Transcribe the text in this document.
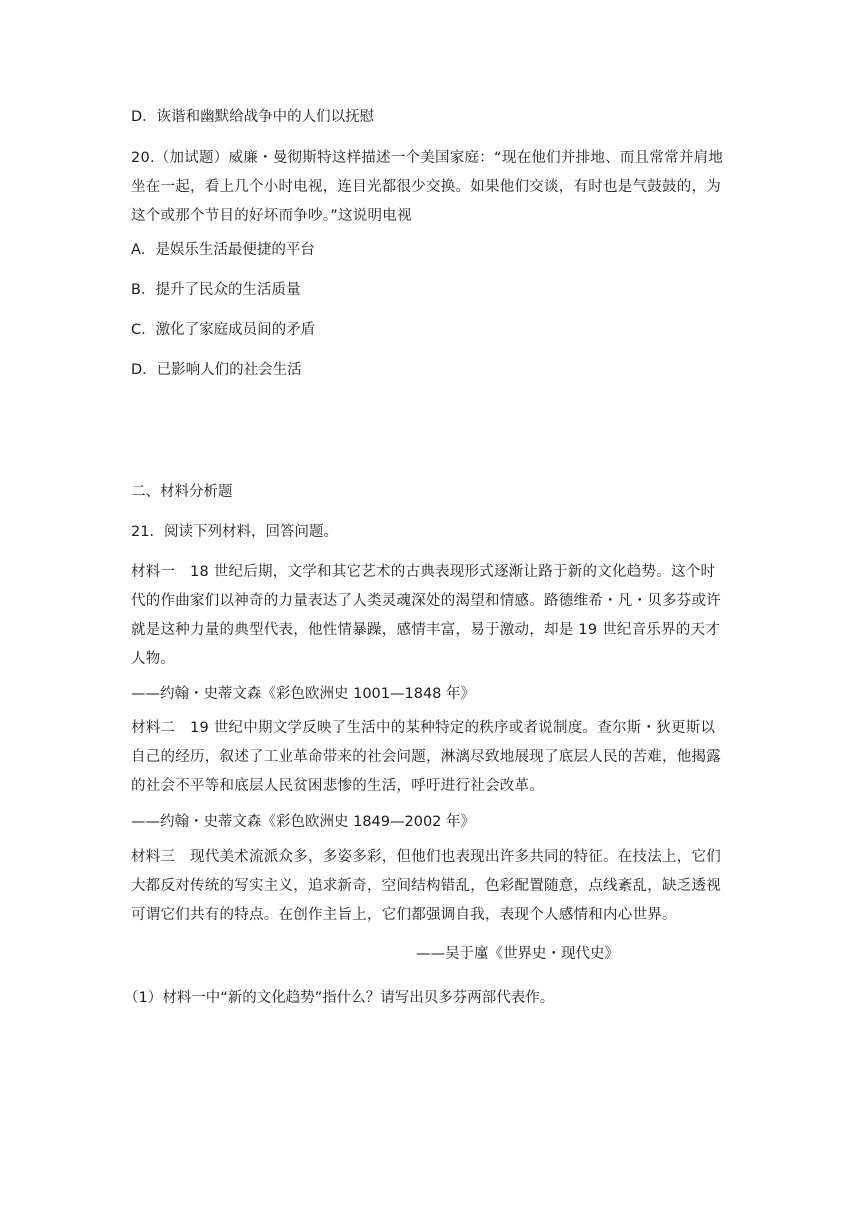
D．诙谐和幽默给战争中的人们以抚慰
20.（加试题）威廉・曼彻斯特这样描述一个美国家庭：“现在他们并排地、而且常常并肩地
坐在一起，看上几个小时电视，连目光都很少交换。如果他们交谈，有时也是气鼓鼓的，为
这个或那个节目的好坏而争吵。”这说明电视
A．是娱乐生活最便捷的平台
B．提升了民众的生活质量
C．激化了家庭成员间的矛盾
D．已影响人们的社会生活
二、材料分析题
21．阅读下列材料，回答问题。
材料一　18 世纪后期，文学和其它艺术的古典表现形式逐渐让路于新的文化趋势。这个时
代的作曲家们以神奇的力量表达了人类灵魂深处的渴望和情感。路德维希・凡・贝多芬或许
就是这种力量的典型代表，他性情暴躁，感情丰富，易于激动，却是 19 世纪音乐界的天才
人物。
——约翰・史蒂文森《彩色欧洲史 1001—1848 年》
材料二　19 世纪中期文学反映了生活中的某种特定的秩序或者说制度。查尔斯・狄更斯以
自己的经历，叙述了工业革命带来的社会问题，淋漓尽致地展现了底层人民的苦难，他揭露
的社会不平等和底层人民贫困悲惨的生活，呼吁进行社会改革。
——约翰・史蒂文森《彩色欧洲史 1849—2002 年》
材料三　现代美术流派众多，多姿多彩，但他们也表现出许多共同的特征。在技法上，它们
大都反对传统的写实主义，追求新奇，空间结构错乱，色彩配置随意，点线紊乱，缺乏透视
可谓它们共有的特点。在创作主旨上，它们都强调自我，表现个人感情和内心世界。
——吴于廑《世界史・现代史》
（1）材料一中“新的文化趋势”指什么？请写出贝多芬两部代表作。
